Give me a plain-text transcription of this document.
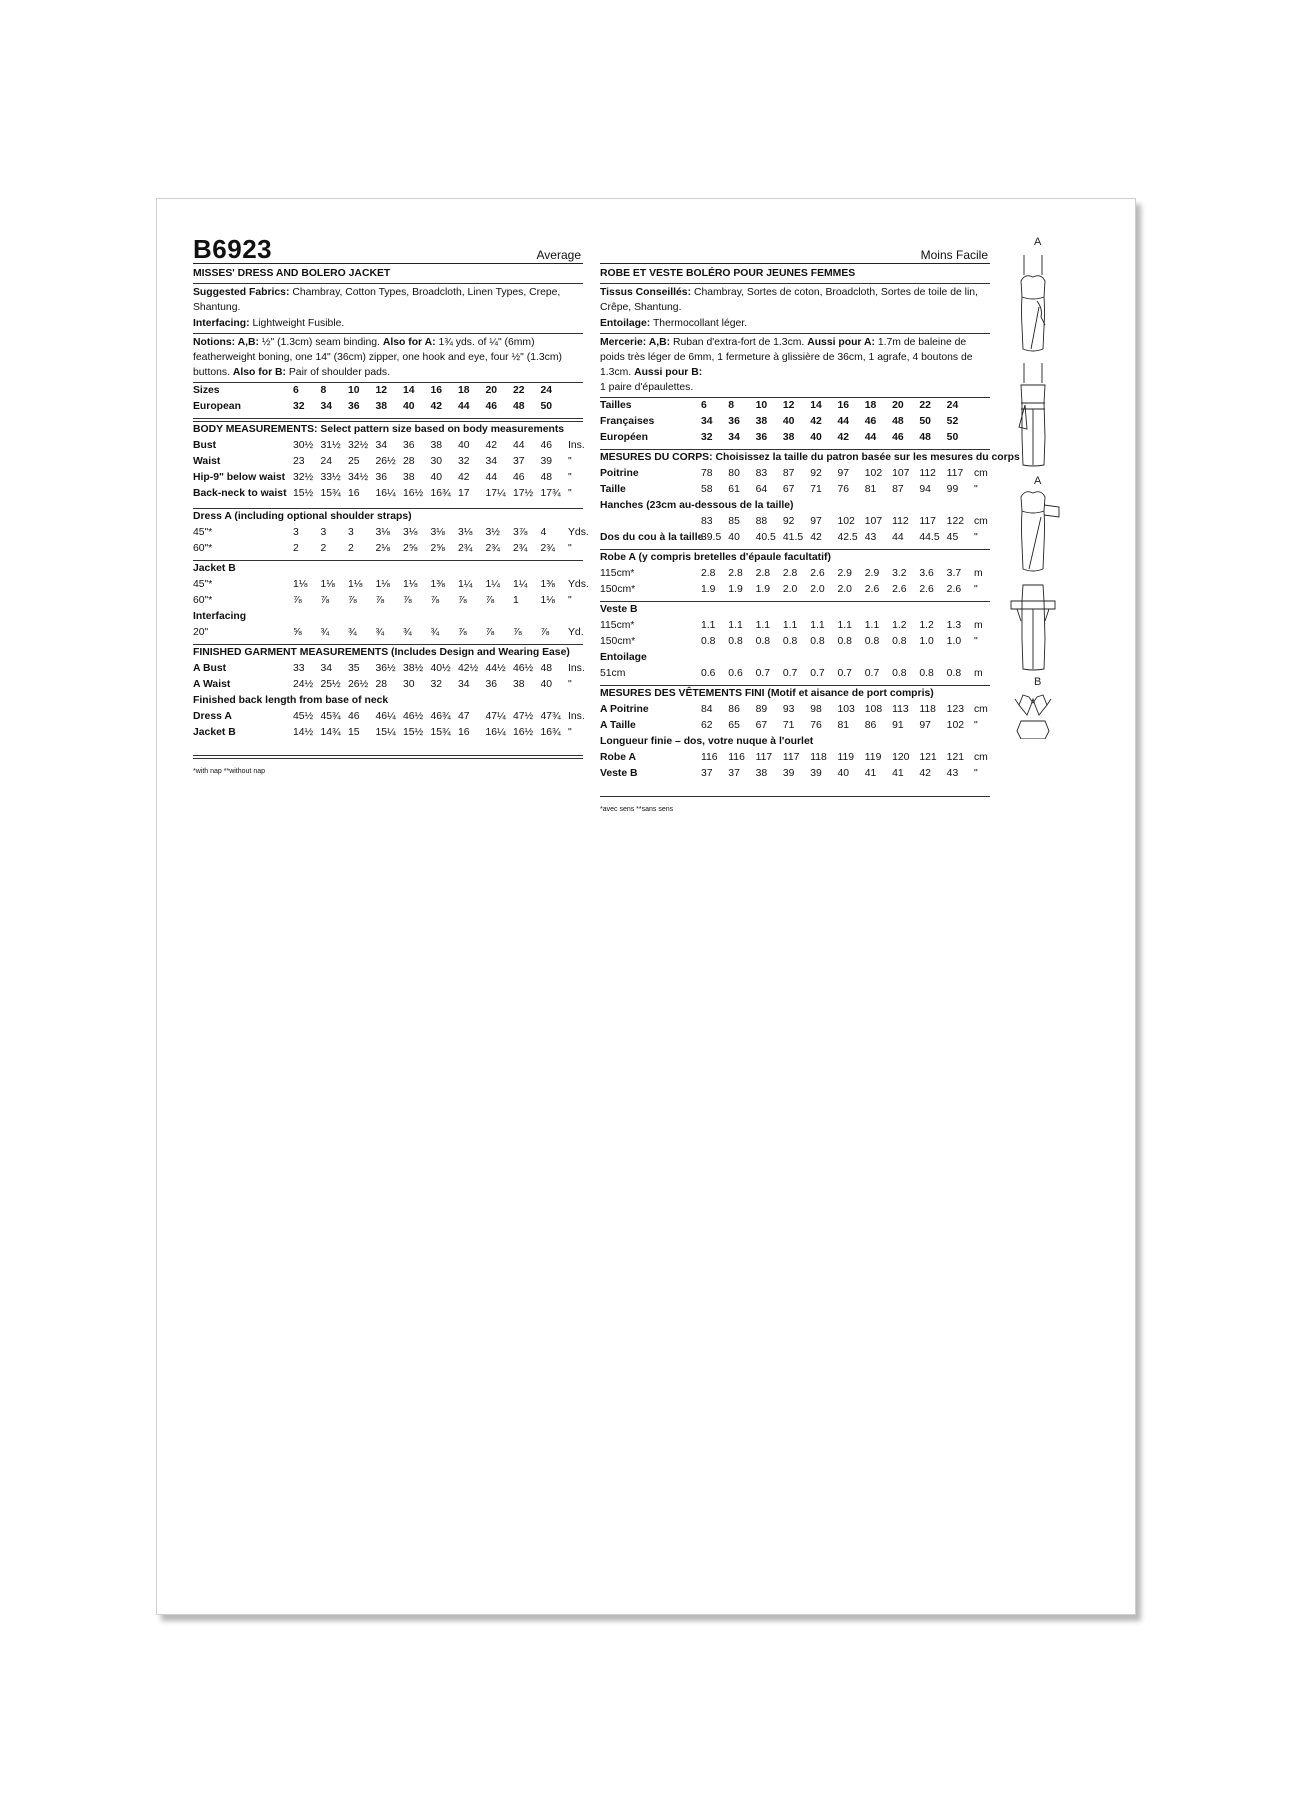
B6923	Average
MISSES' DRESS AND BOLERO JACKET
Suggested Fabrics: Chambray, Cotton Types, Broadcloth, Linen Types, Crepe, Shantung.
Interfacing: Lightweight Fusible.
Notions: A,B: ½" (1.3cm) seam binding. Also for A: 1¾ yds. of ¼" (6mm) featherweight boning, one 14" (36cm) zipper, one hook and eye, four ½" (1.3cm) buttons. Also for B: Pair of shoulder pads.
Sizes	6	8	10	12	14	16	18	20	22	24
European	32	34	36	38	40	42	44	46	48	50
BODY MEASUREMENTS: Select pattern size based on body measurements
Bust	30½ 31½ 32½ 34	36	38	40	42	44	46	Ins.
Waist	23	24	25	26½ 28	30	32	34	37	39	"
Hip-9" below waist 32½ 33½ 34½ 36	38	40	42	44	46	48	"
Back-neck to waist 15½ 15¾ 16	16¼ 16½ 16¾ 17	17¼ 17½ 17¾ "
Dress A (including optional shoulder straps)
45"*	3	3	3	3⅛	3⅛	3⅛	3⅛	3½	3⅞	4	Yds.
60"*	2	2	2	2⅛	2⅝	2⅝	2¾	2¾	2¾	2¾	"
Jacket B
45"*	1⅛	1⅛	1⅛	1⅛	1⅛	1⅜	1¼	1¼	1¼	1⅜	Yds.
60"*	⅞	⅞	⅞	⅞	⅞	⅞	⅞	⅞	1	1⅛	"
Interfacing
20"	⅝	¾	¾	¾	¾	¾	⅞	⅞	⅞	⅞	Yd.
FINISHED GARMENT MEASUREMENTS (Includes Design and Wearing Ease)
A Bust	33	34	35	36½ 38½ 40½ 42½ 44½ 46½ 48	Ins.
A Waist	24½ 25½ 26½ 28	30	32	34	36	38	40	"
Finished back length from base of neck
Dress A	45½ 45¾ 46	46¼ 46½ 46¾ 47	47¼ 47½ 47¾ Ins.
Jacket B	14½ 14¾ 15	15¼ 15½ 15¾ 16	16¼ 16½ 16¾ "
*with nap **without nap
Moins Facile
ROBE ET VESTE BOLÉRO POUR JEUNES FEMMES
Tissus Conseillés: Chambray, Sortes de coton, Broadcloth, Sortes de toile de lin, Crêpe, Shantung.
Entoilage: Thermocollant léger.
Mercerie: A,B: Ruban d'extra-fort de 1.3cm. Aussi pour A: 1.7m de baleine de poids très léger de 6mm, 1 fermeture à glissière de 36cm, 1 agrafe, 4 boutons de 1.3cm. Aussi pour B:
1 paire d'épaulettes.
Tailles	6	8	10	12	14	16	18	20	22	24
Françaises	34	36	38	40	42	44	46	48	50	52
Européen	32	34	36	38	40	42	44	46	48	50
MESURES DU CORPS: Choisissez la taille du patron basée sur les mesures du corps
Poitrine	78	80	83	87	92	97	102 107 112	117	cm
Taille	58	61	64	67	71	76	81	87	94	99	"
Hanches (23cm au-dessous de la taille)
83	85	88	92	97	102 107 112	117	122 cm
Dos du cou à la taille
39.5 40	40.5 41.5 42	42.5 43	44	44.5 45	"
Robe A (y compris bretelles d'épaule facultatif)
115cm*	2.8	2.8	2.8	2.8	2.6	2.9	2.9	3.2	3.6	3.7	m
150cm*	1.9	1.9	1.9	2.0	2.0	2.0	2.6	2.6	2.6	2.6	"
Veste B
115cm*	1.1	1.1	1.1	1.1	1.1	1.1	1.1	1.2	1.2	1.3	m
150cm*	0.8	0.8	0.8	0.8	0.8	0.8	0.8	0.8	1.0	1.0	"
Entoilage
51cm	0.6	0.6	0.7	0.7	0.7	0.7	0.7	0.8	0.8	0.8	m
MESURES DES VÊTEMENTS FINI (Motif et aisance de port compris)
A Poitrine	84	86	89	93	98	103 108 113	118	123 cm
A Taille	62	65	67	71	76	81	86	91	97	102 "
Longueur finie – dos, votre nuque à l'ourlet
Robe A	116	116	117	117	118	119	119	120 121 121 cm
Veste B	37	37	38	39	39	40	41	41	42	43	"
*avec sens **sans sens
A
A
B
